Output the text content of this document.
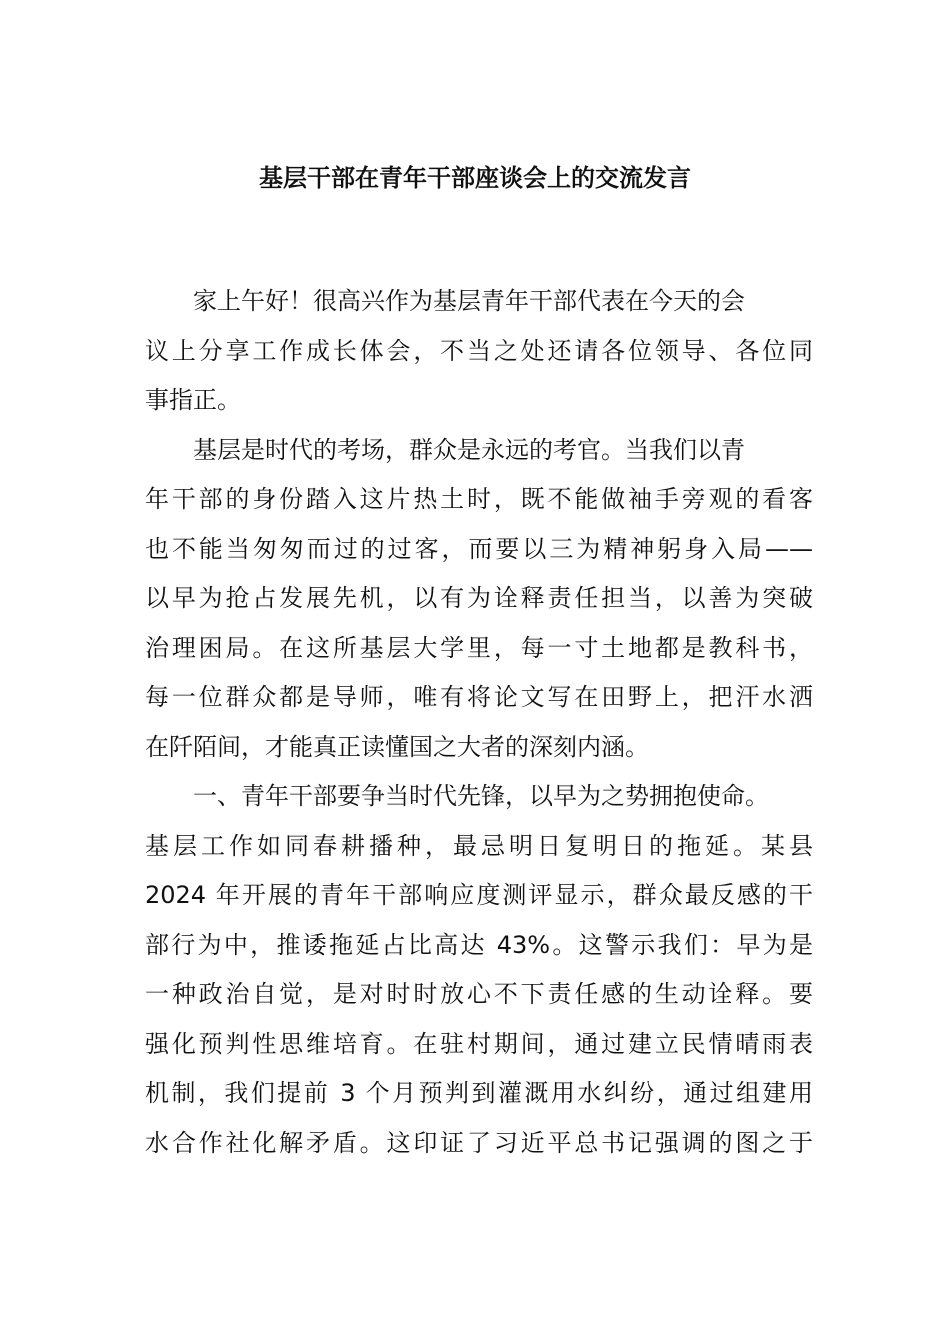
基层干部在青年干部座谈会上的交流发言
家上午好！很高兴作为基层青年干部代表在今天的会
议上分享工作成长体会，不当之处还请各位领导、各位同
事指正。
基层是时代的考场，群众是永远的考官。当我们以青
年干部的身份踏入这片热土时，既不能做袖手旁观的看客
也不能当匆匆而过的过客，而要以三为精神躬身入局——
以早为抢占发展先机，以有为诠释责任担当，以善为突破
治理困局。在这所基层大学里，每一寸土地都是教科书，
每一位群众都是导师，唯有将论文写在田野上，把汗水洒
在阡陌间，才能真正读懂国之大者的深刻内涵。
一、青年干部要争当时代先锋，以早为之势拥抱使命。
基层工作如同春耕播种，最忌明日复明日的拖延。某县
2024 年开展的青年干部响应度测评显示，群众最反感的干
部行为中，推诿拖延占比高达 43%。这警示我们：早为是
一种政治自觉，是对时时放心不下责任感的生动诠释。要
强化预判性思维培育。在驻村期间，通过建立民情晴雨表
机制，我们提前 3 个月预判到灌溉用水纠纷，通过组建用
水合作社化解矛盾。这印证了习近平总书记强调的图之于
